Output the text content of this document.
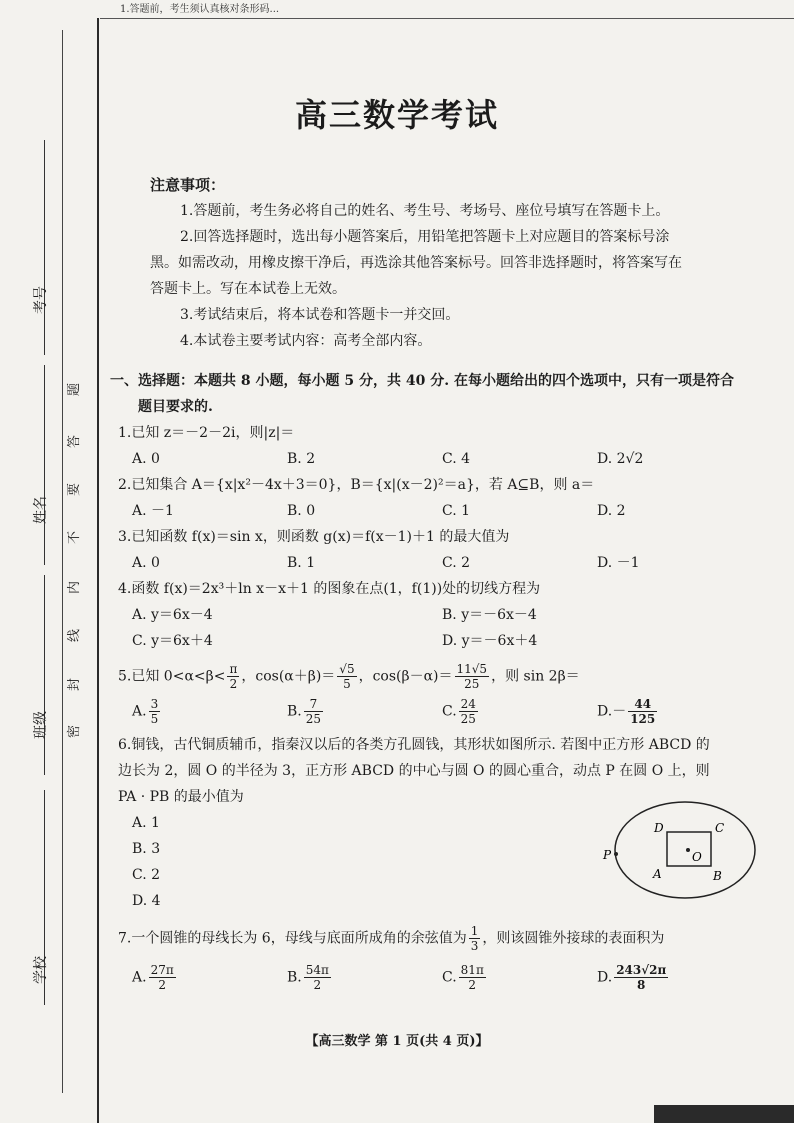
1.答题前，考生须认真核对条形码...
考号
姓名
班级
学校
题
答
要
不
内
线
封
密
高三数学考试
注意事项：

1.答题前，考生务必将自己的姓名、考生号、考场号、座位号填写在答题卡上。

2.回答选择题时，选出每小题答案后，用铅笔把答题卡上对应题目的答案标号涂

黑。如需改动，用橡皮擦干净后，再选涂其他答案标号。回答非选择题时，将答案写在

答题卡上。写在本试卷上无效。

3.考试结束后，将本试卷和答题卡一并交回。

4.本试卷主要考试内容：高考全部内容。

一、选择题：本题共 8 小题，每小题 5 分，共 40 分. 在每小题给出的四个选项中，只有一项是符合
题目要求的.
1.已知 z＝－2－2i，则|z|＝
A. 0	B. 2	C. 4	D. 2√2
2.已知集合 A＝{x|x²－4x＋3＝0}，B＝{x|(x－2)²＝a}，若 A⊆B，则 a＝
A. －1	B. 0	C. 1	D. 2
3.已知函数 f(x)＝sin x，则函数 g(x)＝f(x－1)＋1 的最大值为
A. 0	B. 1	C. 2	D. －1
4.函数 f(x)＝2x³＋ln x－x＋1 的图象在点(1，f(1))处的切线方程为
A. y＝6x－4	B. y＝－6x－4
C. y＝6x＋4	D. y＝－6x＋4
5.已知 $0<\alpha<\beta< \frac{\pi}{2}$ ，$\cos(\alpha+\beta)= \frac{√5}{5}$ ，$\cos(\beta-\alpha)= \frac{11√5}{25}$ ，则 sin 2β＝
A. $\frac{3}{5}$	B. $\frac{7}{25}$	C. $\frac{24}{25}$	$D.- \frac{44}{125}$
6.铜钱，古代铜质辅币，指秦汉以后的各类方孔圆钱，其形状如图所示. 若图中正方形 ABCD 的
边长为 2，圆 O 的半径为 3，正方形 ABCD 的中心与圆 O 的圆心重合，动点 P 在圆 O 上，则
PA · PB 的最小值为
A. 1
B. 3
C. 2
D. 4
7.一个圆锥的母线长为 6，母线与底面所成角的余弦值为 $\frac{1}{3}$ ，则该圆锥外接球的表面积为
A. $\frac{27\pi}{2}$	B. $\frac{54\pi}{2}$	C. $\frac{81\pi}{2}$	D. $\frac{243√2\pi}{8}$
D	C
A	B
O
P
【高三数学 第 1 页(共 4 页)】
